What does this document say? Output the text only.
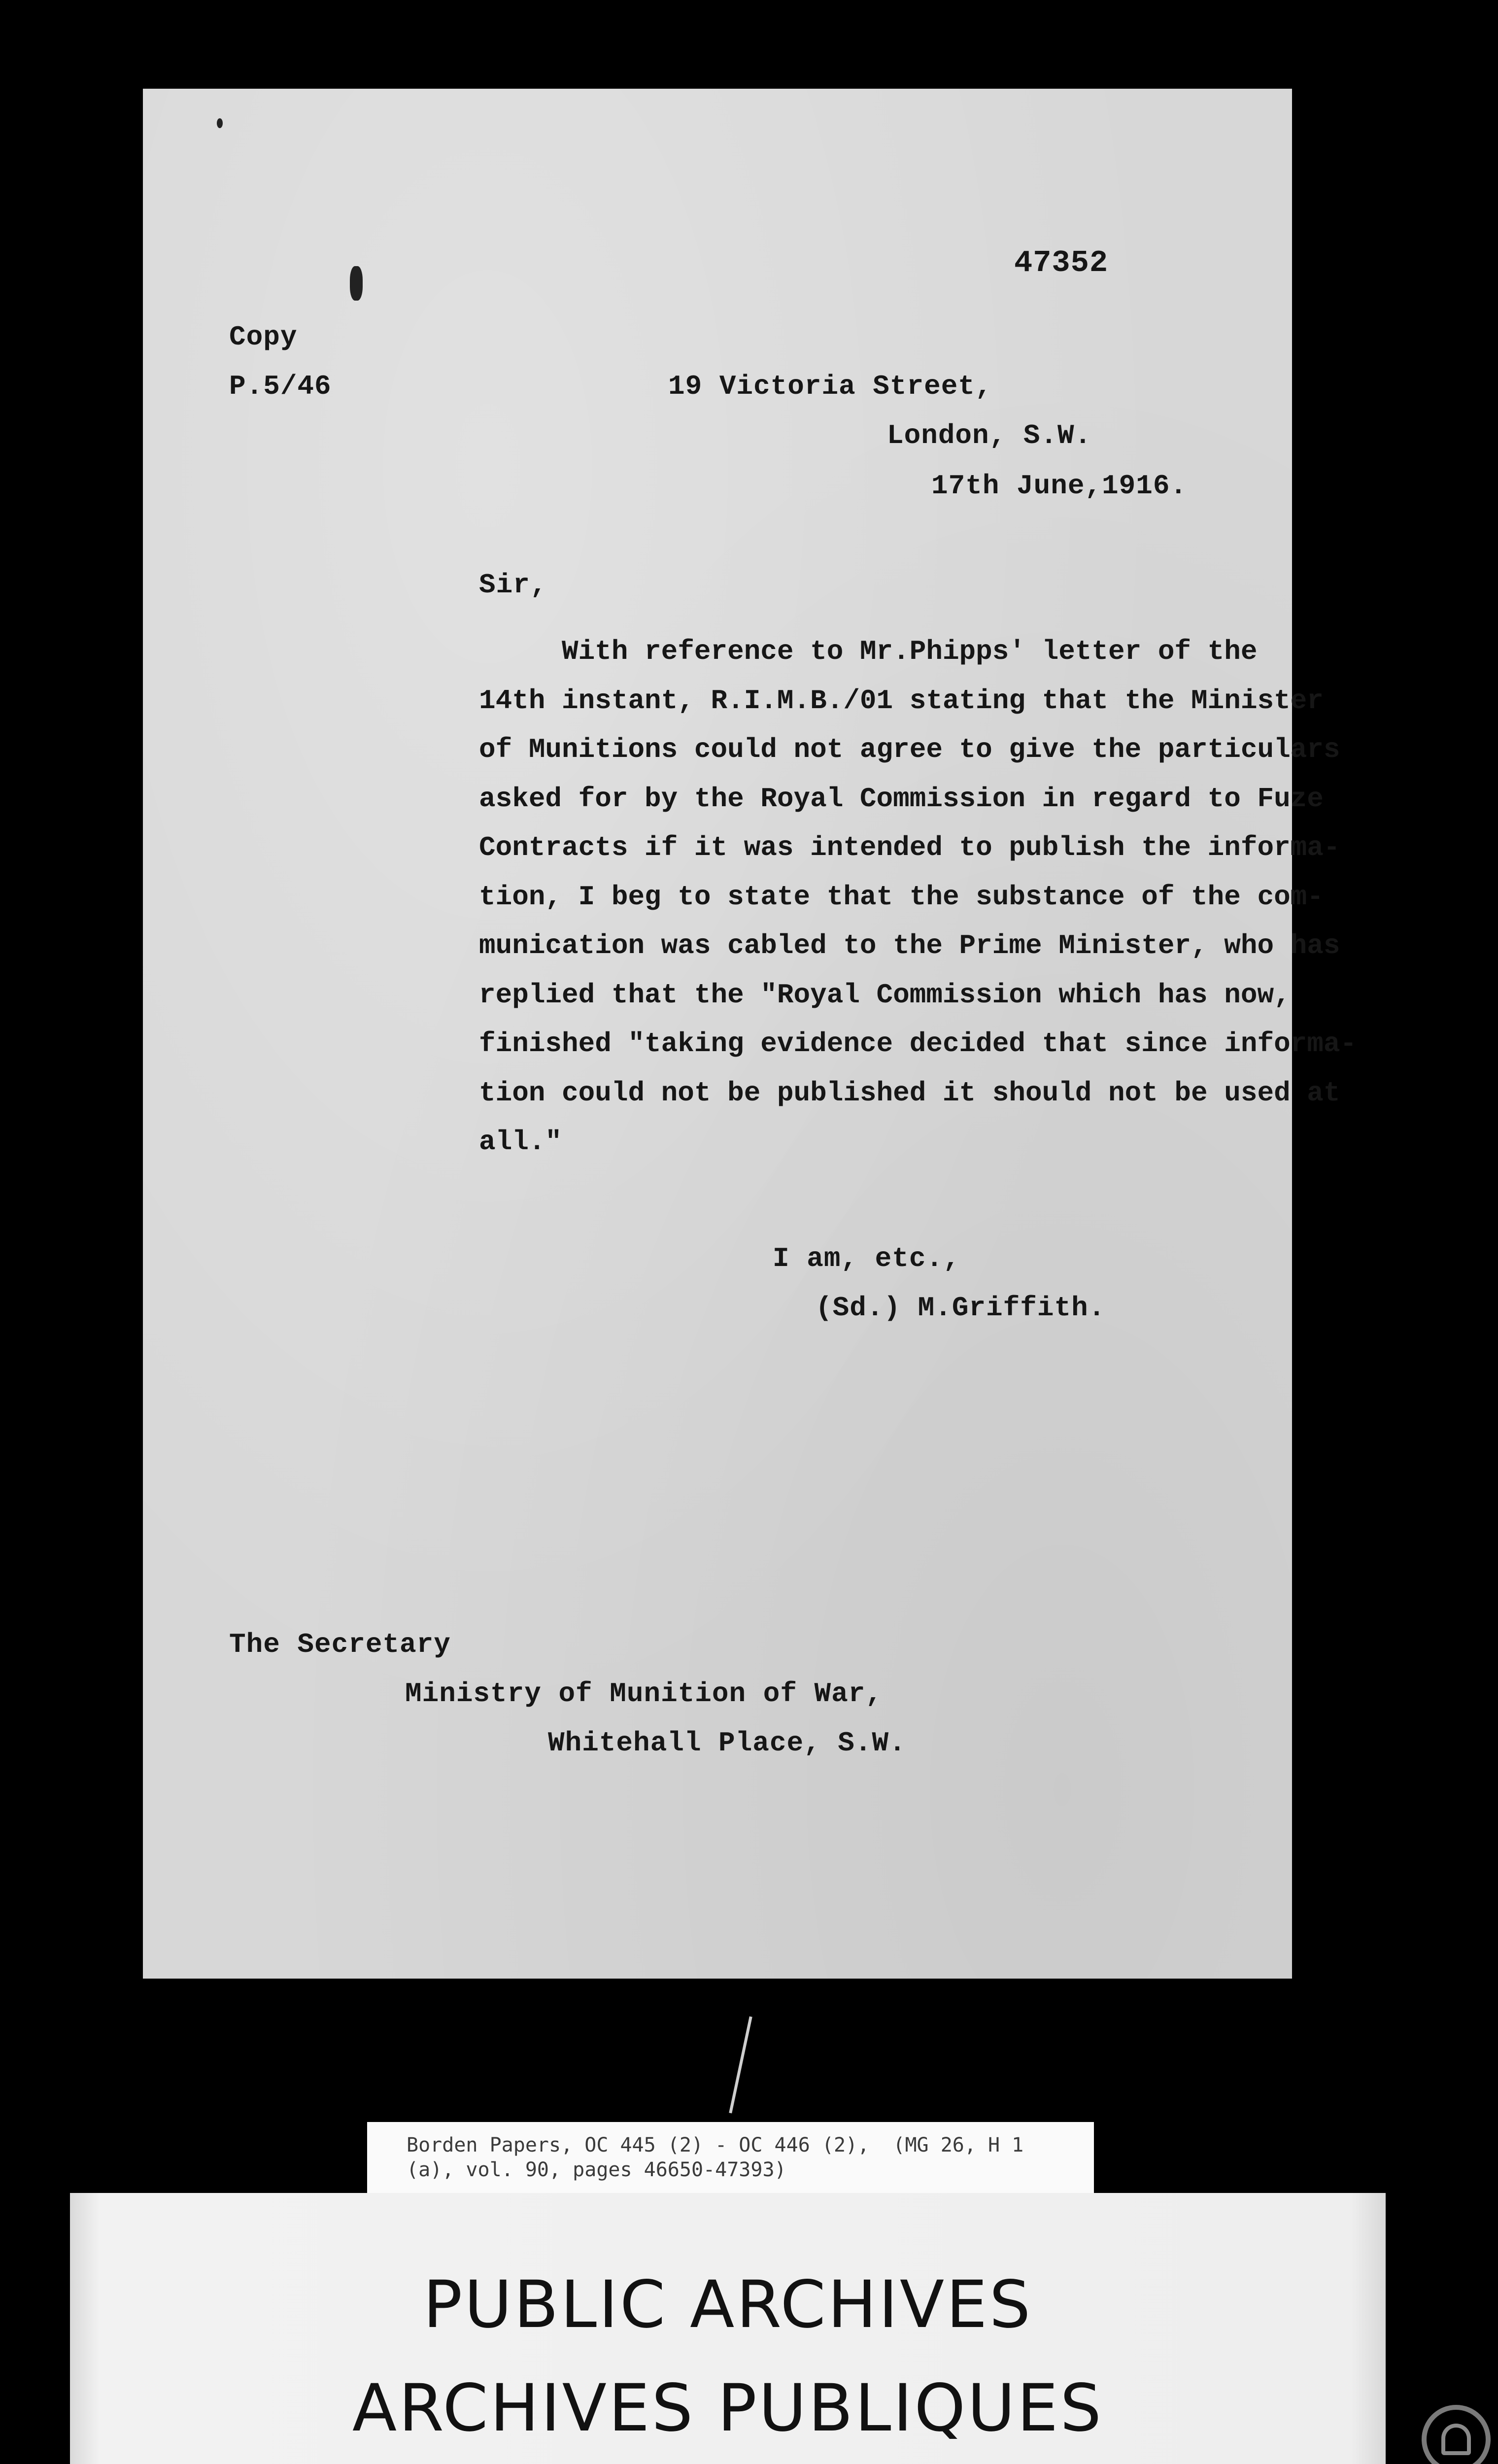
47352
Copy
P.5/46	19 Victoria Street,
London, S.W.
17th June,1916.
Sir,
With reference to Mr.Phipps' letter of the
14th instant, R.I.M.B./01 stating that the Minister
of Munitions could not agree to give the particulars
asked for by the Royal Commission in regard to Fuze
Contracts if it was intended to publish the informa-
tion, I beg to state that the substance of the com-
munication was cabled to the Prime Minister, who has
replied that the "Royal Commission which has now,
finished "taking evidence decided that since informa-
tion could not be published it should not be used at
all."
I am, etc.,
(Sd.) M.Griffith.
The Secretary
Ministry of Munition of War,
Whitehall Place, S.W.
Borden Papers, OC 445 (2) - OC 446 (2),  (MG 26, H 1
(a), vol. 90, pages 46650-47393)
PUBLIC ARCHIVES
ARCHIVES PUBLIQUES
